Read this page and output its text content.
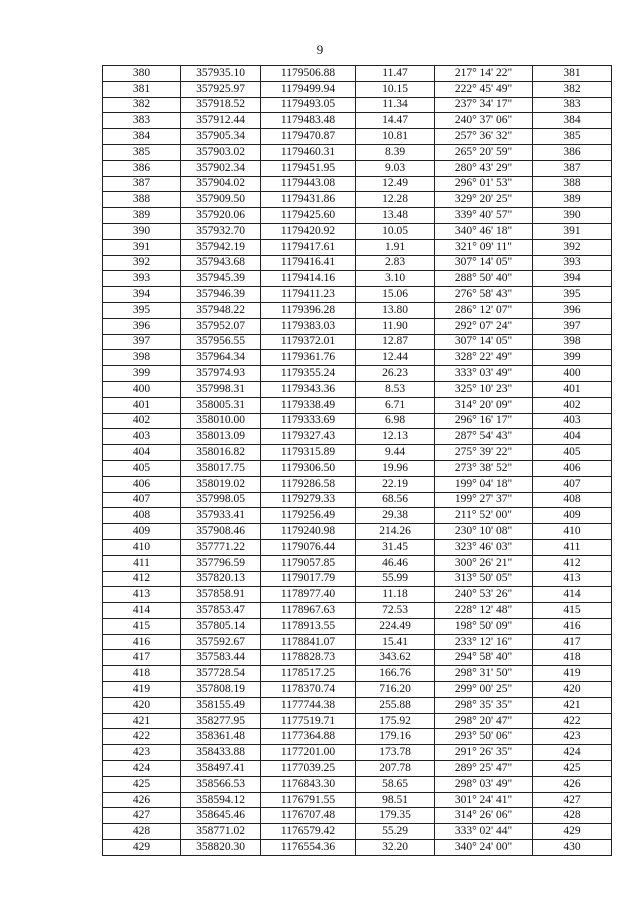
9
380	357935.10	1179506.88	11.47	217° 14' 22"	381
381	357925.97	1179499.94	10.15	222° 45' 49"	382
382	357918.52	1179493.05	11.34	237° 34' 17"	383
383	357912.44	1179483.48	14.47	240° 37' 06"	384
384	357905.34	1179470.87	10.81	257° 36' 32"	385
385	357903.02	1179460.31	8.39	265° 20' 59"	386
386	357902.34	1179451.95	9.03	280° 43' 29"	387
387	357904.02	1179443.08	12.49	296° 01' 53"	388
388	357909.50	1179431.86	12.28	329° 20' 25"	389
389	357920.06	1179425.60	13.48	339° 40' 57"	390
390	357932.70	1179420.92	10.05	340° 46' 18"	391
391	357942.19	1179417.61	1.91	321° 09' 11"	392
392	357943.68	1179416.41	2.83	307° 14' 05"	393
393	357945.39	1179414.16	3.10	288° 50' 40"	394
394	357946.39	1179411.23	15.06	276° 58' 43"	395
395	357948.22	1179396.28	13.80	286° 12' 07"	396
396	357952.07	1179383.03	11.90	292° 07' 24"	397
397	357956.55	1179372.01	12.87	307° 14' 05"	398
398	357964.34	1179361.76	12.44	328° 22' 49"	399
399	357974.93	1179355.24	26.23	333° 03' 49"	400
400	357998.31	1179343.36	8.53	325° 10' 23"	401
401	358005.31	1179338.49	6.71	314° 20' 09"	402
402	358010.00	1179333.69	6.98	296° 16' 17"	403
403	358013.09	1179327.43	12.13	287° 54' 43"	404
404	358016.82	1179315.89	9.44	275° 39' 22"	405
405	358017.75	1179306.50	19.96	273° 38' 52"	406
406	358019.02	1179286.58	22.19	199° 04' 18"	407
407	357998.05	1179279.33	68.56	199° 27' 37"	408
408	357933.41	1179256.49	29.38	211° 52' 00"	409
409	357908.46	1179240.98	214.26	230° 10' 08"	410
410	357771.22	1179076.44	31.45	323° 46' 03"	411
411	357796.59	1179057.85	46.46	300° 26' 21"	412
412	357820.13	1179017.79	55.99	313° 50' 05"	413
413	357858.91	1178977.40	11.18	240° 53' 26"	414
414	357853.47	1178967.63	72.53	228° 12' 48"	415
415	357805.14	1178913.55	224.49	198° 50' 09"	416
416	357592.67	1178841.07	15.41	233° 12' 16"	417
417	357583.44	1178828.73	343.62	294° 58' 40"	418
418	357728.54	1178517.25	166.76	298° 31' 50"	419
419	357808.19	1178370.74	716.20	299° 00' 25"	420
420	358155.49	1177744.38	255.88	298° 35' 35"	421
421	358277.95	1177519.71	175.92	298° 20' 47"	422
422	358361.48	1177364.88	179.16	293° 50' 06"	423
423	358433.88	1177201.00	173.78	291° 26' 35"	424
424	358497.41	1177039.25	207.78	289° 25' 47"	425
425	358566.53	1176843.30	58.65	298° 03' 49"	426
426	358594.12	1176791.55	98.51	301° 24' 41"	427
427	358645.46	1176707.48	179.35	314° 26' 06"	428
428	358771.02	1176579.42	55.29	333° 02' 44"	429
429	358820.30	1176554.36	32.20	340° 24' 00"	430
